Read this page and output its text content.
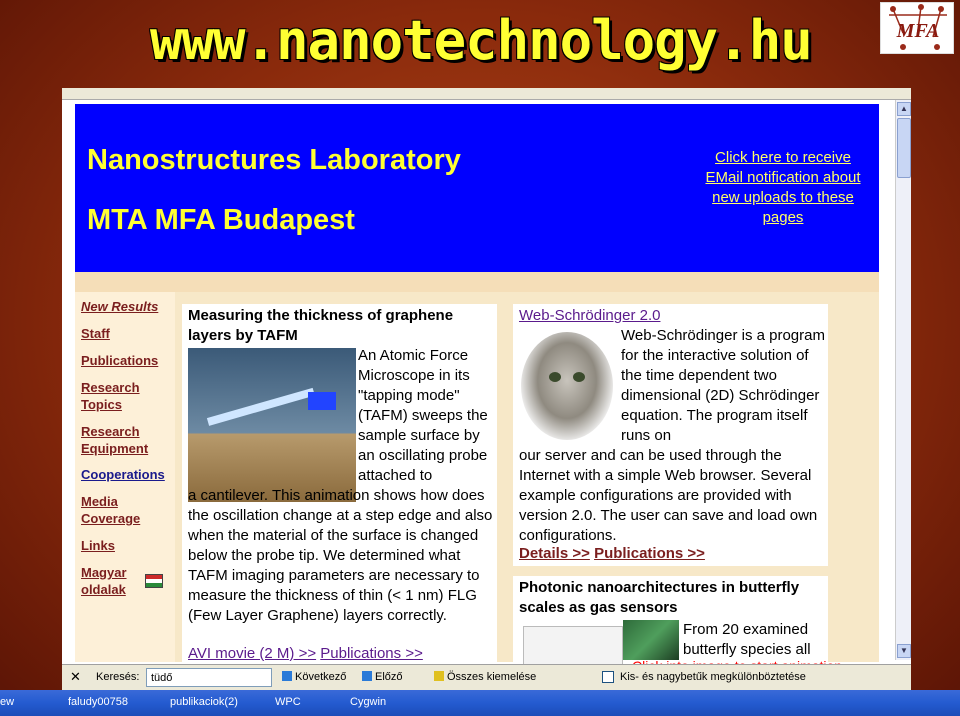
www.nanotechnology.hu	MFA
▲
▼
Nanostructures Laboratory
MTA MFA Budapest
Click here to receive EMail notification about new uploads to these pages
New Results
Staff
Publications
Research Topics
Research Equipment
Cooperations
Media Coverage
Links
Magyar oldalak
Measuring the thickness of graphene layers by TAFM
An Atomic Force Microscope in its "tapping mode" (TAFM) sweeps the sample surface by an oscillating probe attached to
a cantilever. This animation shows how does the oscillation change at a step edge and also when the material of the surface is changed below the probe tip. We determined what TAFM imaging parameters are necessary to measure the thickness of thin (< 1 nm) FLG (Few Layer Graphene) layers correctly.
AVI movie (2 M) >> Publications >>
Web-Schrödinger 2.0
Web-Schrödinger is a program for the interactive solution of the time dependent two dimensional (2D) Schrödinger equation. The program itself runs on
our server and can be used through the Internet with a simple Web browser. Several example configurations are provided with version 2.0. The user can save and load own configurations.
Details >> Publications >>
Photonic nanoarchitectures in butterfly scales as gas sensors
From 20 examined butterfly species all
✕ Keresés:
tüdő	Következő	Előző	Összes kiemelése	Kis- és nagybetűk megkülönböztetése
ew	faludy00758	publikaciok(2)	WPC	Cygwin
